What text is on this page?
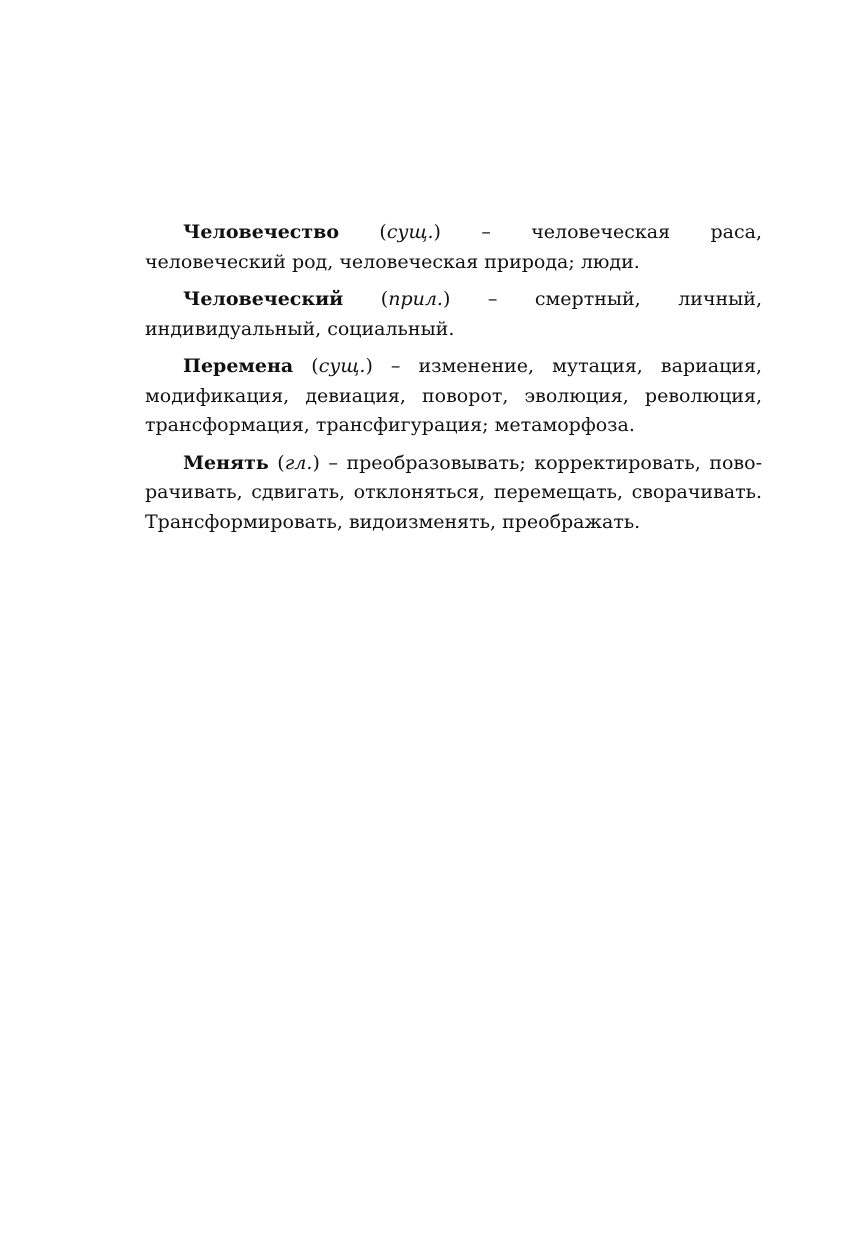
Человечество (сущ.) – человеческая раса, человеческий род, человеческая природа; люди.

Человеческий (прил.) – смертный, личный, индивидуальный, социальный.

Перемена (сущ.) – изменение, мутация, вариация, модификация, девиация, поворот, эволюция, революция, трансформация, трансфигурация; метаморфоза.

Менять (гл.) – преобразовывать; корректировать, поворачивать, сдвигать, отклоняться, перемещать, сворачивать. Трансформировать, видоизменять, преображать.
